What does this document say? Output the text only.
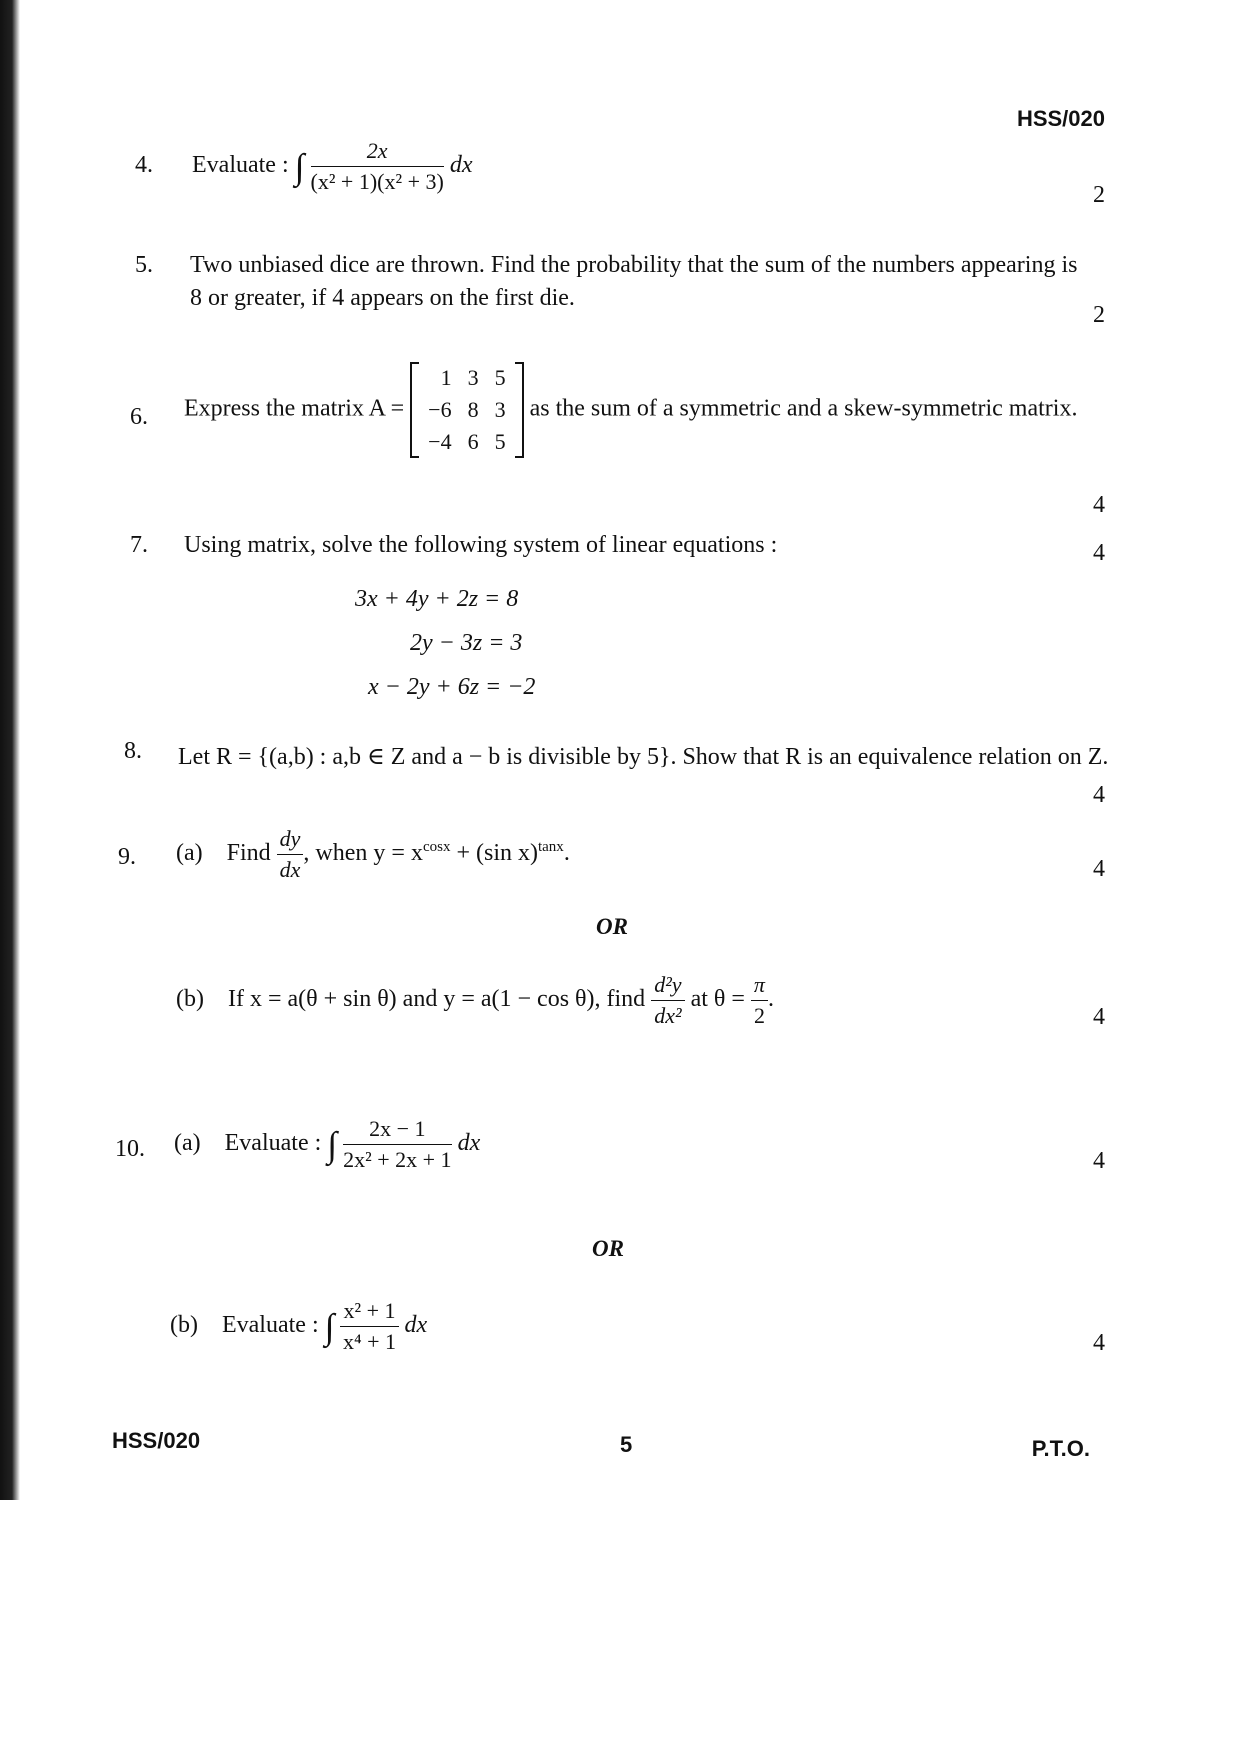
HSS/020
4. Evaluate : ∫ $\frac{2x}{\text{(x² + 1)(x² + 3)}}$ dx
2
5. Two unbiased dice are thrown. Find the probability that the sum of the numbers appearing is
8 or greater, if 4 appears on the first die.
2
6. Express the matrix A =
1	3	5
−6	8	3
−4	6	5
as the sum of a symmetric and a skew-symmetric matrix.
4
7. Using matrix, solve the following system of linear equations :	4
3x + 4y + 2z = 8
2y − 3z = 3
x − 2y + 6z = −2
8. Let R = {(a,b) : a,b ∈ Z and a − b is divisible by 5}. Show that R is an equivalence relation on Z.
4
9. (a) Find $\frac{dy}{dx}$ , when $y = x^{cosx} + (\sin$ x)$^{tanx}$.
4
OR
(b) If x = a(θ + sin θ) and y = a(1 − cos θ), find $\frac{\text{d²y}}{\text{dx²}}$ at $\theta = \frac{\pi}{2}$ .
4
10. (a) Evaluate : ∫ $\frac{2x - 1}{\text{2x² + 2x + 1}}$ dx
4
OR
(b) Evaluate : ∫ $\frac{\text{x² + 1}}{\text{x⁴ + 1}}$ dx
4
HSS/020	5	P.T.O.
